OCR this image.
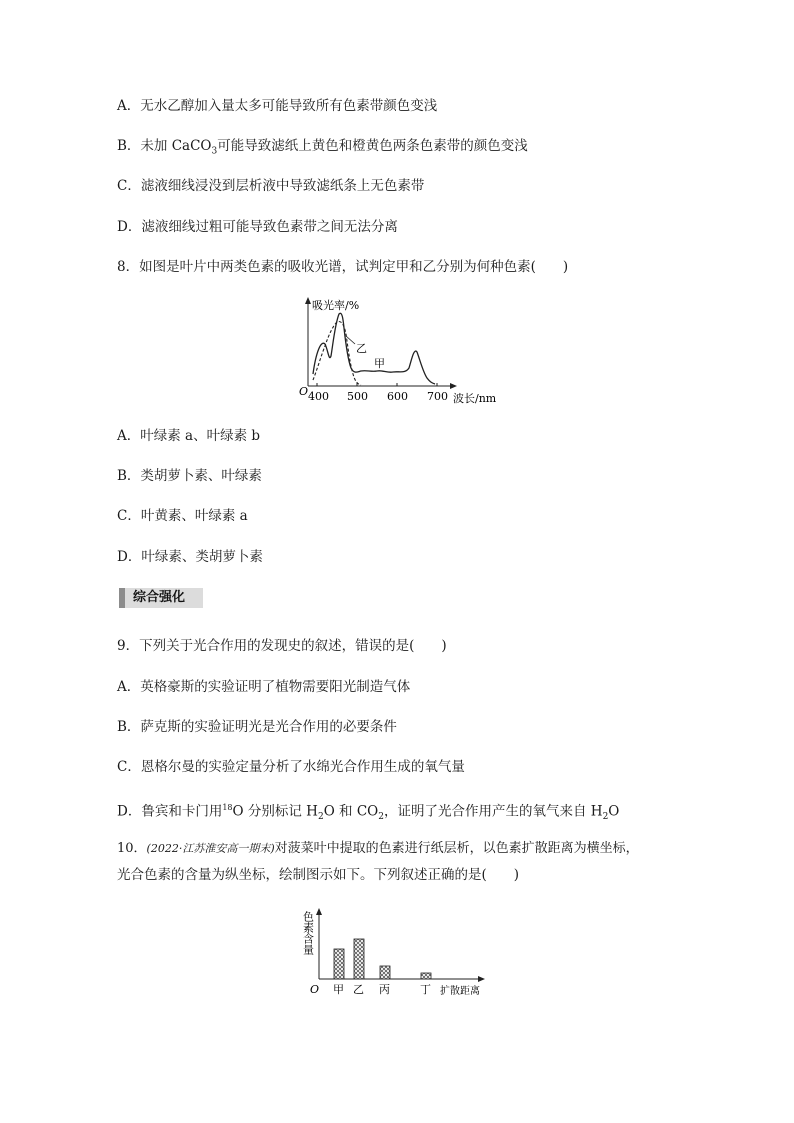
A．无水乙醇加入量太多可能导致所有色素带颜色变浅
B．未加 CaCO$_3$可能导致滤纸上黄色和橙黄色两条色素带的颜色变浅
C．滤液细线浸没到层析液中导致滤纸条上无色素带
D．滤液细线过粗可能导致色素带之间无法分离
8．如图是叶片中两类色素的吸收光谱，试判定甲和乙分别为何种色素(　　)
乙
甲
吸光率/%
O 400 500 600 700 波长/nm
A．叶绿素 a、叶绿素 b
B．类胡萝卜素、叶绿素
C．叶黄素、叶绿素 a
D．叶绿素、类胡萝卜素
综合强化
9．下列关于光合作用的发现史的叙述，错误的是(　　)
A．英格豪斯的实验证明了植物需要阳光制造气体
B．萨克斯的实验证明光是光合作用的必要条件
C．恩格尔曼的实验定量分析了水绵光合作用生成的氧气量
D．鲁宾和卡门用$^{18}$O 分别标记 $H_2O$ 和 $CO_2$，证明了光合作用产生的氧气来自 $H_2O$
10．(2022·江苏淮安高一期末)对菠菜叶中提取的色素进行纸层析，以色素扩散距离为横坐标，
光合色素的含量为纵坐标，绘制图示如下。下列叙述正确的是(　　)
甲 乙 丙	丁
色素含量
O	扩散距离
